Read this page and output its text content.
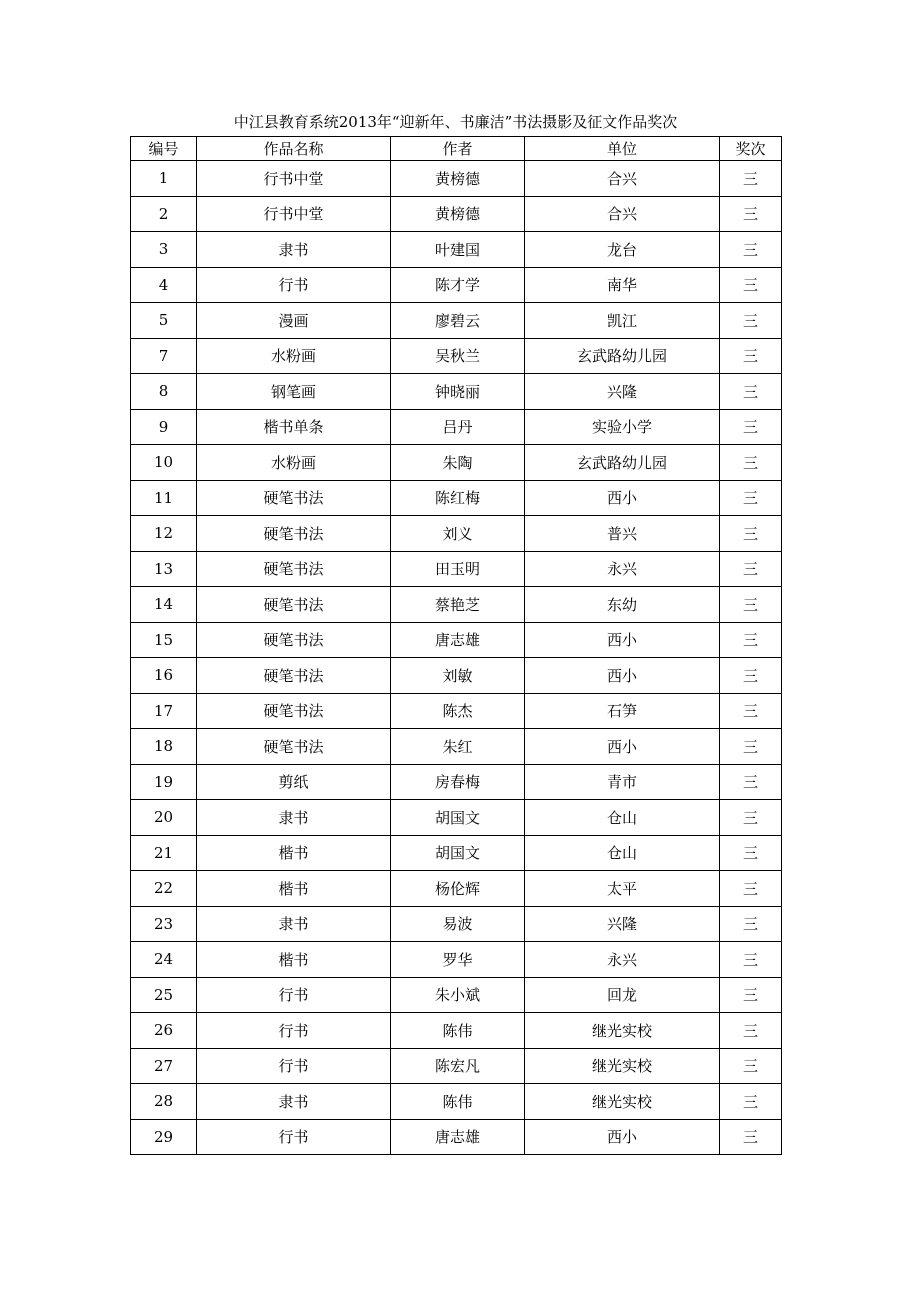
中江县教育系统2013年“迎新年、书廉洁”书法摄影及征文作品奖次
编号	作品名称	作者	单位	奖次
1	行书中堂	黄榜德	合兴	三
2	行书中堂	黄榜德	合兴	三
3	隶书	叶建国	龙台	三
4	行书	陈才学	南华	三
5	漫画	廖碧云	凯江	三
7	水粉画	吴秋兰	玄武路幼儿园	三
8	钢笔画	钟晓丽	兴隆	三
9	楷书单条	吕丹	实验小学	三
10	水粉画	朱陶	玄武路幼儿园	三
11	硬笔书法	陈红梅	西小	三
12	硬笔书法	刘义	普兴	三
13	硬笔书法	田玉明	永兴	三
14	硬笔书法	蔡艳芝	东幼	三
15	硬笔书法	唐志雄	西小	三
16	硬笔书法	刘敏	西小	三
17	硬笔书法	陈杰	石笋	三
18	硬笔书法	朱红	西小	三
19	剪纸	房春梅	青市	三
20	隶书	胡国文	仓山	三
21	楷书	胡国文	仓山	三
22	楷书	杨伦辉	太平	三
23	隶书	易波	兴隆	三
24	楷书	罗华	永兴	三
25	行书	朱小斌	回龙	三
26	行书	陈伟	继光实校	三
27	行书	陈宏凡	继光实校	三
28	隶书	陈伟	继光实校	三
29	行书	唐志雄	西小	三
